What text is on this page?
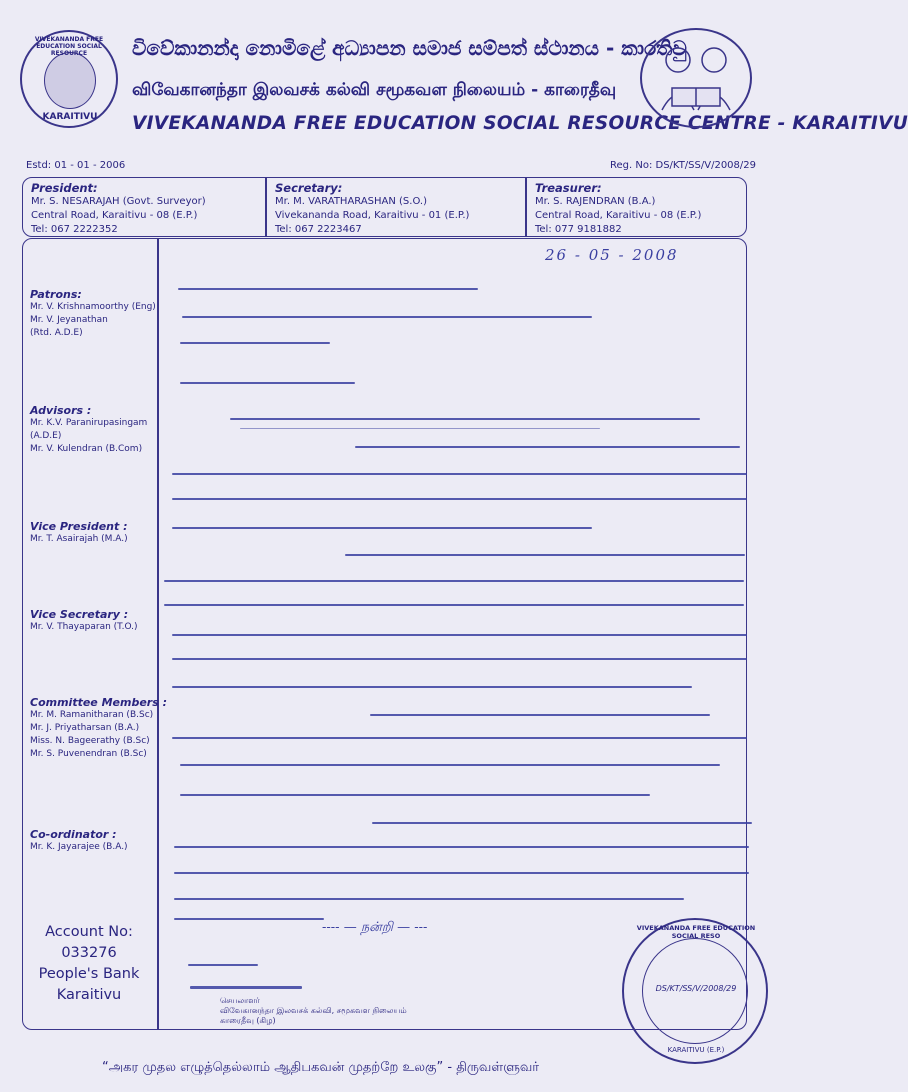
VIVEKANANDA FREE EDUCATION SOCIAL RESOURCE
KARAITIVU
විවේකානන්දා නොමිළේ අධ්‍යාපන සමාජ සම්පත් ස්ථානය - කාරතිවු
விவேகானந்தா இலவசக் கல்வி சமூகவள நிலையம் - காரைதீவு
VIVEKANANDA FREE EDUCATION SOCIAL RESOURCE CENTRE - KARAITIVU
Estd: 01 - 01 - 2006	Reg. No: DS/KT/SS/V/2008/29
President:
Mr. S. NESARAJAH (Govt. Surveyor)
Central Road, Karaitivu - 08 (E.P.)
Tel: 067 2222352
Secretary:
Mr. M. VARATHARASHAN (S.O.)
Vivekananda Road, Karaitivu - 01 (E.P.)
Tel: 067 2223467
Treasurer:
Mr. S. RAJENDRAN (B.A.)
Central Road, Karaitivu - 08 (E.P.)
Tel: 077 9181882
Patrons:
Mr. V. Krishnamoorthy (Eng)
Mr. V. Jeyanathan
(Rtd. A.D.E)
Advisors :
Mr. K.V. Paranirupasingam
(A.D.E)
Mr. V. Kulendran (B.Com)
Vice President :
Mr. T. Asairajah (M.A.)
Vice Secretary :
Mr. V. Thayaparan (T.O.)
Committee Members :
Mr. M. Ramanitharan (B.Sc)
Mr. J. Priyatharsan (B.A.)
Miss. N. Bageerathy (B.Sc)
Mr. S. Puvenendran (B.Sc)
Co-ordinator :
Mr. K. Jayarajee (B.A.)
Account No:
033276
People's Bank
Karaitivu
26 - 05 - 2008
---- — நன்றி — ---
செயலாளர்
விவேகானந்தா இலவசக் கல்வி, சமூகவள நிலையம்
காரைதீவு (கிழ)
VIVEKANANDA FREE EDUCATION SOCIAL RESO
DS/KT/SS/V/2008/29
KARAITIVU (E.P.)
“அகர முதல எழுத்தெல்லாம் ஆதிபகவன் முதற்றே உலகு” - திருவள்ளுவர்
